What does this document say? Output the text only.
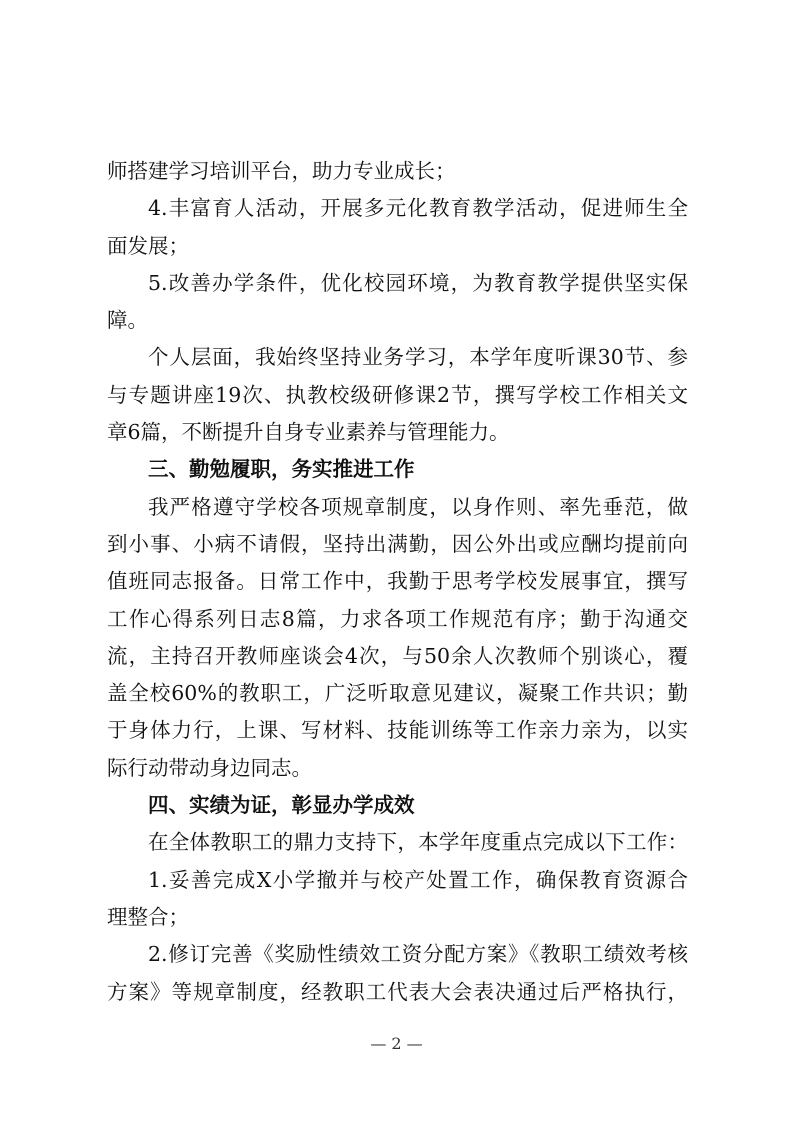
师搭建学习培训平台，助力专业成长；
4.丰富育人活动，开展多元化教育教学活动，促进师生全
面发展；
5.改善办学条件，优化校园环境，为教育教学提供坚实保
障。
个人层面，我始终坚持业务学习，本学年度听课30节、参
与专题讲座19次、执教校级研修课2节，撰写学校工作相关文
章6篇，不断提升自身专业素养与管理能力。
三、勤勉履职，务实推进工作
我严格遵守学校各项规章制度，以身作则、率先垂范，做
到小事、小病不请假，坚持出满勤，因公外出或应酬均提前向
值班同志报备。日常工作中，我勤于思考学校发展事宜，撰写
工作心得系列日志8篇，力求各项工作规范有序；勤于沟通交
流，主持召开教师座谈会4次，与50余人次教师个别谈心，覆
盖全校60%的教职工，广泛听取意见建议，凝聚工作共识；勤
于身体力行，上课、写材料、技能训练等工作亲力亲为，以实
际行动带动身边同志。
四、实绩为证，彰显办学成效
在全体教职工的鼎力支持下，本学年度重点完成以下工作：
1.妥善完成X小学撤并与校产处置工作，确保教育资源合
理整合；
2.修订完善《奖励性绩效工资分配方案》《教职工绩效考核
方案》等规章制度，经教职工代表大会表决通过后严格执行，
— 2 —
